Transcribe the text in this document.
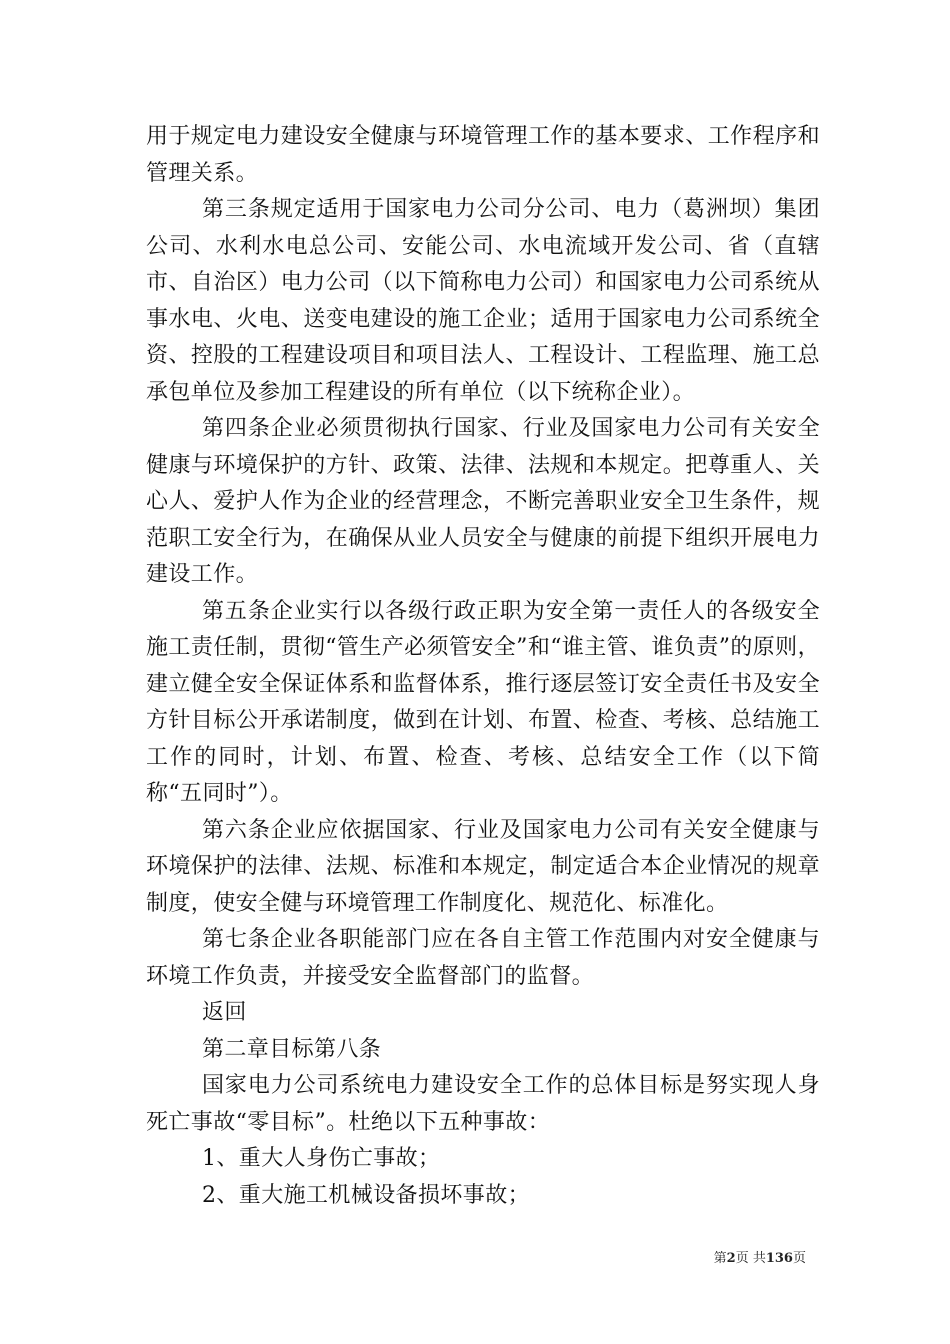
用于规定电力建设安全健康与环境管理工作的基本要求、工作程序和管理关系。

第三条规定适用于国家电力公司分公司、电力（葛洲坝）集团公司、水利水电总公司、安能公司、水电流域开发公司、省（直辖市、自治区）电力公司（以下简称电力公司）和国家电力公司系统从事水电、火电、送变电建设的施工企业；适用于国家电力公司系统全资、控股的工程建设项目和项目法人、工程设计、工程监理、施工总承包单位及参加工程建设的所有单位（以下统称企业）。

第四条企业必须贯彻执行国家、行业及国家电力公司有关安全健康与环境保护的方针、政策、法律、法规和本规定。把尊重人、关心人、爱护人作为企业的经营理念，不断完善职业安全卫生条件，规范职工安全行为，在确保从业人员安全与健康的前提下组织开展电力建设工作。

第五条企业实行以各级行政正职为安全第一责任人的各级安全施工责任制，贯彻“管生产必须管安全”和“谁主管、谁负责”的原则，建立健全安全保证体系和监督体系，推行逐层签订安全责任书及安全方针目标公开承诺制度，做到在计划、布置、检查、考核、总结施工工作的同时，计划、布置、检查、考核、总结安全工作（以下简称“五同时”）。

第六条企业应依据国家、行业及国家电力公司有关安全健康与环境保护的法律、法规、标准和本规定，制定适合本企业情况的规章制度，使安全健与环境管理工作制度化、规范化、标准化。

第七条企业各职能部门应在各自主管工作范围内对安全健康与环境工作负责，并接受安全监督部门的监督。

返回

第二章目标第八条

国家电力公司系统电力建设安全工作的总体目标是努实现人身死亡事故“零目标”。杜绝以下五种事故：

1、重大人身伤亡事故；

2、重大施工机械设备损坏事故；

第2页 共136页
